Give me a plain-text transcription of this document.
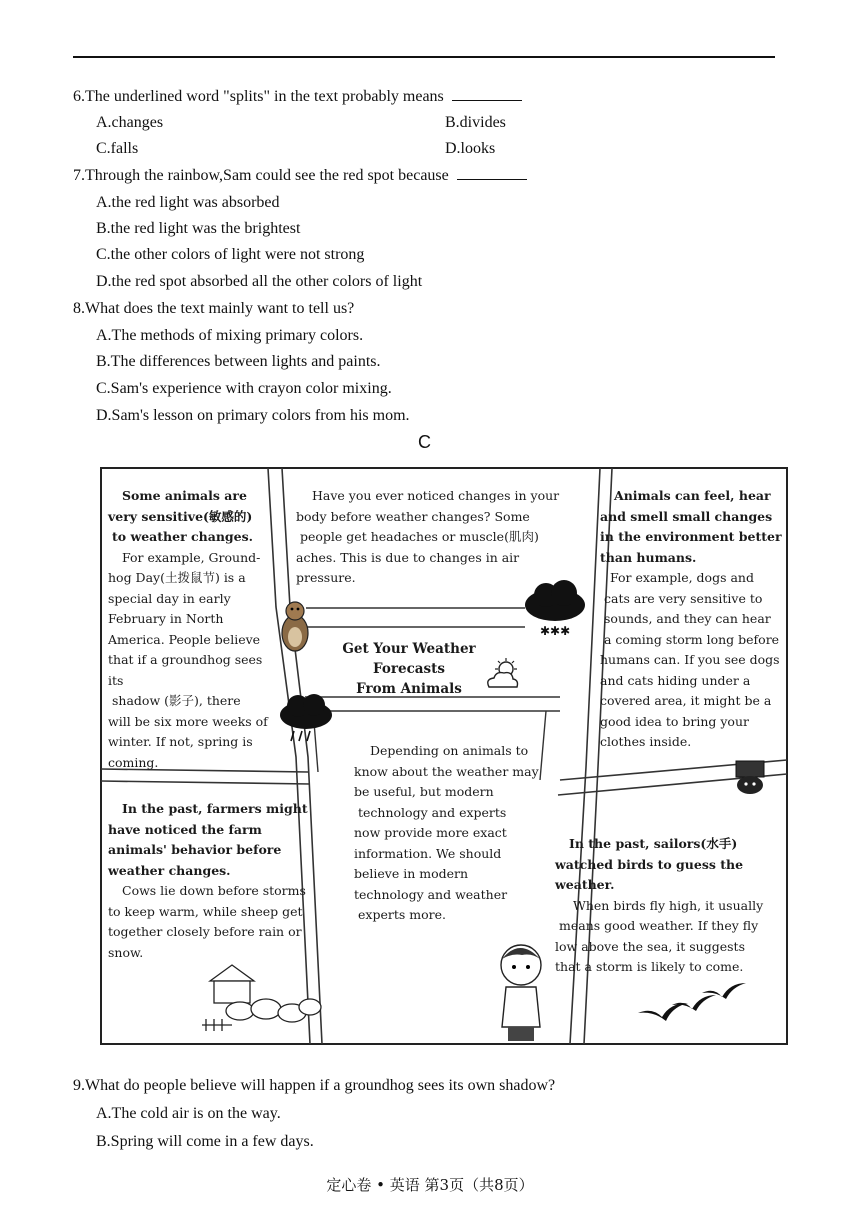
6.The underlined word "splits" in the text probably means
A.changes	B.divides
C.falls	D.looks
7.Through the rainbow,Sam could see the red spot because
A.the red light was absorbed
B.the red light was the brightest
C.the other colors of light were not strong
D.the red spot absorbed all the other colors of light
8.What does the text mainly want to tell us?
A.The methods of mixing primary colors.
B.The differences between lights and paints.
C.Sam's experience with crayon color mixing.
D.Sam's lesson on primary colors from his mom.
C
Some animals are
very sensitive(敏感的)
to weather changes.
For example, Ground-
hog Day(土拨鼠节) is a
special day in early
February in North
America. People believe
that if a groundhog sees its
shadow (影子), there
will be six more weeks of
winter. If not, spring is
coming.
Have you ever noticed changes in your
body before weather changes? Some
people get headaches or muscle(肌肉)
aches. This is due to changes in air
pressure.
Animals can feel, hear
and smell small changes
in the environment better
than humans.
For example, dogs and
cats are very sensitive to
sounds, and they can hear
a coming storm long before
humans can. If you see dogs
and cats hiding under a
covered area, it might be a
good idea to bring your
clothes inside.
Get Your Weather
Forecasts
From Animals
Depending on animals to
know about the weather may
be useful, but modern
technology and experts
now provide more exact
information. We should
believe in modern
technology and weather
experts more.
In the past, farmers might
have noticed the farm
animals' behavior before
weather changes.
Cows lie down before storms
to keep warm, while sheep get
together closely before rain or
snow.
In the past, sailors(水手)
watched birds to guess the
weather.
When birds fly high, it usually
means good weather. If they fly
low above the sea, it suggests
that a storm is likely to come.
✱✱✱
9.What do people believe will happen if a groundhog sees its own shadow?
A.The cold air is on the way.
B.Spring will come in a few days.
定心卷 • 英语 第3页（共8页）
